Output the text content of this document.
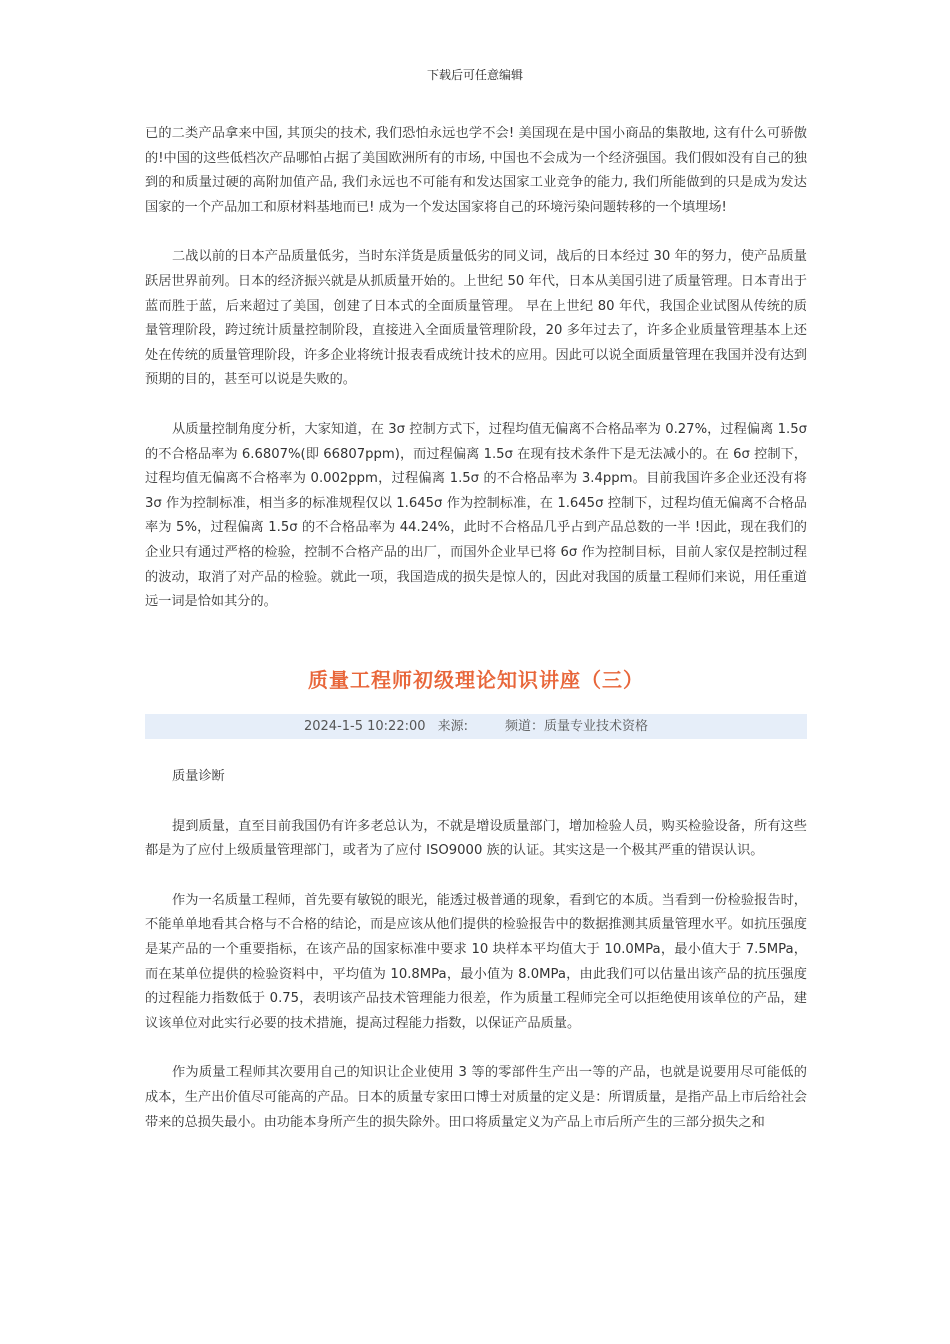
下载后可任意编辑

已的二类产品拿来中国, 其顶尖的技术, 我们恐怕永远也学不会! 美国现在是中国小商品的集散地, 这有什么可骄傲的!中国的这些低档次产品哪怕占据了美国欧洲所有的市场, 中国也不会成为一个经济强国。我们假如没有自己的独到的和质量过硬的高附加值产品, 我们永远也不可能有和发达国家工业竞争的能力, 我们所能做到的只是成为发达国家的一个产品加工和原材料基地而已! 成为一个发达国家将自己的环境污染问题转移的一个填埋场!

二战以前的日本产品质量低劣，当时东洋货是质量低劣的同义词，战后的日本经过 30 年的努力，使产品质量跃居世界前列。日本的经济振兴就是从抓质量开始的。上世纪 50 年代，日本从美国引进了质量管理。日本青出于蓝而胜于蓝，后来超过了美国，创建了日本式的全面质量管理。 早在上世纪 80 年代，我国企业试图从传统的质量管理阶段，跨过统计质量控制阶段，直接进入全面质量管理阶段，20 多年过去了，许多企业质量管理基本上还处在传统的质量管理阶段，许多企业将统计报表看成统计技术的应用。因此可以说全面质量管理在我国并没有达到预期的目的，甚至可以说是失败的。

从质量控制角度分析，大家知道，在 3σ 控制方式下，过程均值无偏离不合格品率为 0.27%，过程偏离 1.5σ 的不合格品率为 6.6807%(即 66807ppm)，而过程偏离 1.5σ 在现有技术条件下是无法减小的。在 6σ 控制下，过程均值无偏离不合格率为 0.002ppm，过程偏离 1.5σ 的不合格品率为 3.4ppm。目前我国许多企业还没有将 3σ 作为控制标准，相当多的标准规程仅以 1.645σ 作为控制标准，在 1.645σ 控制下，过程均值无偏离不合格品率为 5%，过程偏离 1.5σ 的不合格品率为 44.24%，此时不合格品几乎占到产品总数的一半 !因此，现在我们的企业只有通过严格的检验，控制不合格产品的出厂，而国外企业早已将 6σ 作为控制目标，目前人家仅是控制过程的波动，取消了对产品的检验。就此一项，我国造成的损失是惊人的，因此对我国的质量工程师们来说，用任重道远一词是恰如其分的。

质量工程师初级理论知识讲座（三）
2024-1-5 10:22:00 来源:	频道：质量专业技术资格

质量诊断

提到质量，直至目前我国仍有许多老总认为，不就是增设质量部门，增加检验人员，购买检验设备，所有这些都是为了应付上级质量管理部门，或者为了应付 ISO9000 族的认证。其实这是一个极其严重的错误认识。

作为一名质量工程师，首先要有敏锐的眼光，能透过极普通的现象，看到它的本质。当看到一份检验报告时，不能单单地看其合格与不合格的结论，而是应该从他们提供的检验报告中的数据推测其质量管理水平。如抗压强度是某产品的一个重要指标，在该产品的国家标准中要求 10 块样本平均值大于 10.0MPa，最小值大于 7.5MPa，而在某单位提供的检验资料中，平均值为 10.8MPa，最小值为 8.0MPa，由此我们可以估量出该产品的抗压强度的过程能力指数低于 0.75，表明该产品技术管理能力很差，作为质量工程师完全可以拒绝使用该单位的产品，建议该单位对此实行必要的技术措施，提高过程能力指数，以保证产品质量。

作为质量工程师其次要用自己的知识让企业使用 3 等的零部件生产出一等的产品，也就是说要用尽可能低的成本，生产出价值尽可能高的产品。日本的质量专家田口博士对质量的定义是：所谓质量，是指产品上市后给社会带来的总损失最小。由功能本身所产生的损失除外。田口将质量定义为产品上市后所产生的三部分损失之和
